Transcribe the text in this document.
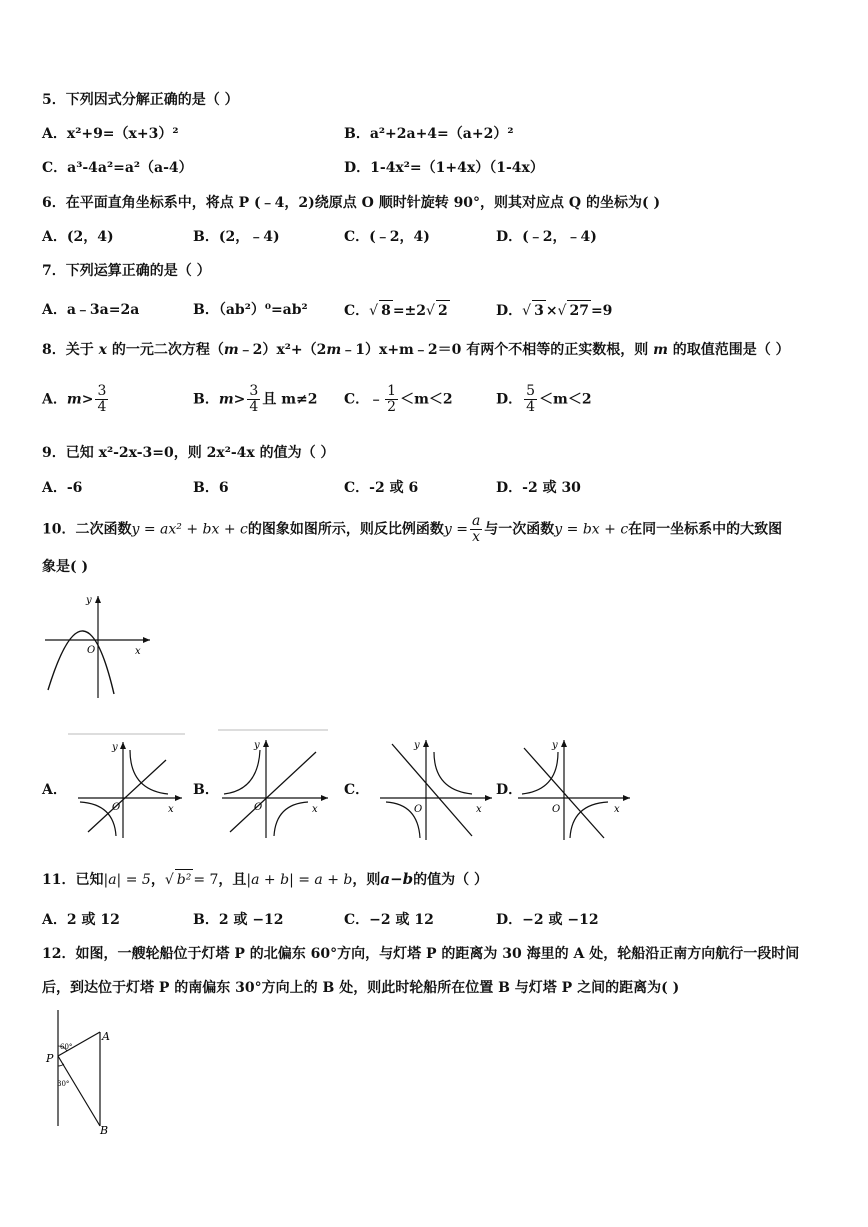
5．下列因式分解正确的是（ ）
A．x²+9=（x+3）²	B．a²+2a+4=（a+2）²
C．a³-4a²=a²（a-4）	D．1-4x²=（1+4x）（1-4x）
6．在平面直角坐标系中，将点 P (﹣4，2)绕原点 O 顺时针旋转 90°，则其对应点 Q 的坐标为( )
A．(2，4)	B．(2，﹣4)	C．(﹣2，4)	D．(﹣2，﹣4)
7．下列运算正确的是（ ）
A．a﹣3a=2a	B．（ab²）⁰=ab²	C．√ 8 =±2√ 2	D．√ 3 ×√ 27 =9
8．关于 x 的一元二次方程（m﹣2）x²+（2m﹣1）x+m﹣2＝0 有两个不相等的正实数根，则 m 的取值范围是（ ）
A．$m> \frac{3}{4}$	B．$m> \frac{3}{4}$ 且 m≠2 C．﹣ $\frac{1}{2} <m<2$	D． $\frac{5}{4} <m<2$
9．已知 x²-2x-3=0，则 2x²-4x 的值为（ ）
A．-6	B．6	C．-2 或 6	D．-2 或 30
10．二次函数y = ax² + bx + c的图象如图所示，则反比例函数$y = \frac{a}{x}$ 与一次函数y = bx + c在同一坐标系中的大致图
象是( )
y
x
O
A．
y
x
O
B．
y
x
O
C．
y
x
O
D．
y
x
O
11．已知|a| = 5，√ b² = 7，且|a + b| = a + b，则a−b的值为（ ）
A．2 或 12	B．2 或 −12	C．−2 或 12	D．−2 或 −12
12．如图，一艘轮船位于灯塔 P 的北偏东 60°方向，与灯塔 P 的距离为 30 海里的 A 处，轮船沿正南方向航行一段时间
后，到达位于灯塔 P 的南偏东 30°方向上的 B 处，则此时轮船所在位置 B 与灯塔 P 之间的距离为( )
60°
30°
P
A
B
